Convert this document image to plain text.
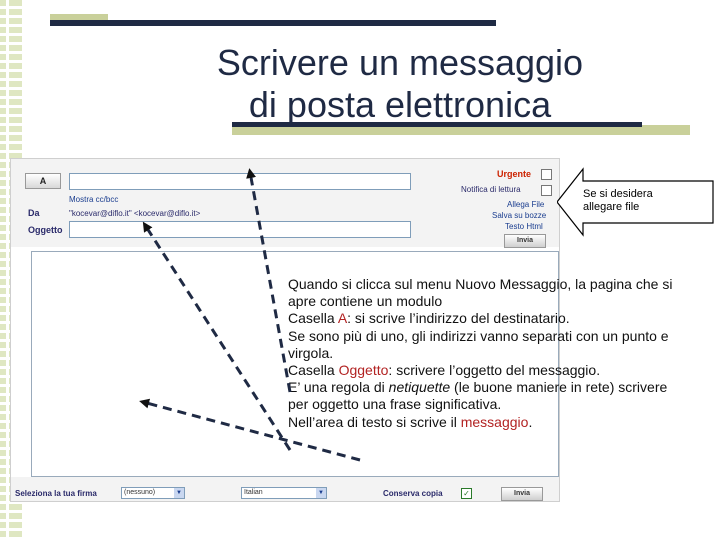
Scrivere un messaggio
di posta elettronica
A
Mostra cc/bcc
Da	"kocevar@diflo.it" <kocevar@diflo.it>
Oggetto
Urgente
Notifica di lettura
Allega File
Salva su bozze
Testo Html
Invia
Seleziona la tua firma	(nessuno)	▼	Italian	▼	Conserva copia	✓	Invia
Se si desidera allegare file

Quando si clicca sul menu Nuovo Messaggio, la pagina che si apre contiene un modulo

Casella A: si scrive l’indirizzo del destinatario.

Se sono più di uno, gli indirizzi vanno separati con un punto e virgola.

Casella Oggetto: scrivere l’oggetto del messaggio.

E’ una regola di netiquette (le buone maniere in rete) scrivere per oggetto una frase significativa.

Nell’area di testo si scrive il messaggio.
